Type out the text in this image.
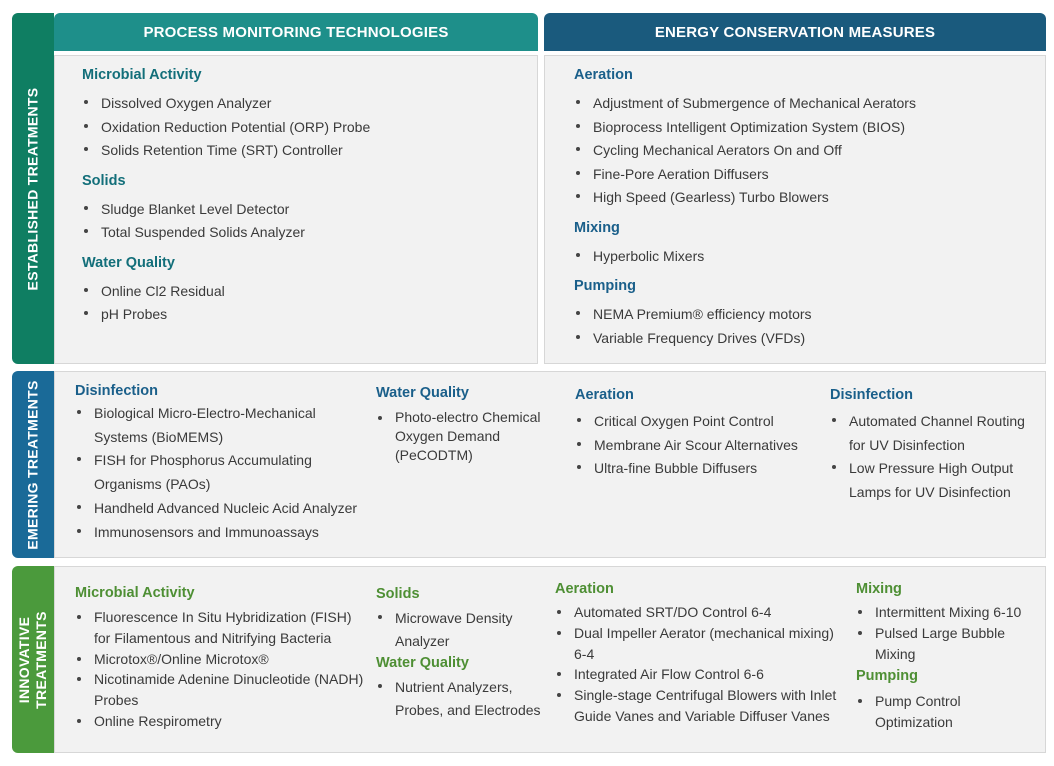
PROCESS MONITORING TECHNOLOGIES	ENERGY CONSERVATION MEASURES
ESTABLISHED TREATMENTS
EMERING TREATMENTS
INNOVATIVE TREATMENTS
Microbial Activity
Dissolved Oxygen Analyzer
Oxidation Reduction Potential (ORP) Probe
Solids Retention Time (SRT) Controller
Solids
Sludge Blanket Level Detector
Total Suspended Solids Analyzer
Water Quality
Online Cl2 Residual
pH Probes
Aeration
Adjustment of Submergence of Mechanical Aerators
Bioprocess Intelligent Optimization System (BIOS)
Cycling Mechanical Aerators On and Off
Fine-Pore Aeration Diffusers
High Speed (Gearless) Turbo Blowers
Mixing
Hyperbolic Mixers
Pumping
NEMA Premium® efficiency motors
Variable Frequency Drives (VFDs)
Disinfection
Biological Micro-Electro-Mechanical Systems (BioMEMS)
FISH for Phosphorus Accumulating Organisms (PAOs)
Handheld Advanced Nucleic Acid Analyzer
Immunosensors and Immunoassays
Water Quality
Photo-electro Chemical Oxygen Demand (PeCODTM)
Aeration
Critical Oxygen Point Control
Membrane Air Scour Alternatives
Ultra-fine Bubble Diffusers
Disinfection
Automated Channel Routing for UV Disinfection
Low Pressure High Output Lamps for UV Disinfection
Microbial Activity
Fluorescence In Situ Hybridization (FISH) for Filamentous and Nitrifying Bacteria
Microtox®/Online Microtox®
Nicotinamide Adenine Dinucleotide (NADH) Probes
Online Respirometry
Solids
Microwave Density Analyzer
Water Quality
Nutrient Analyzers, Probes, and Electrodes
Aeration
Automated SRT/DO Control 6-4
Dual Impeller Aerator (mechanical mixing) 6-4
Integrated Air Flow Control 6-6
Single-stage Centrifugal Blowers with Inlet Guide Vanes and Variable Diffuser Vanes
Mixing
Intermittent Mixing 6-10
Pulsed Large Bubble Mixing
Pumping
Pump Control Optimization
